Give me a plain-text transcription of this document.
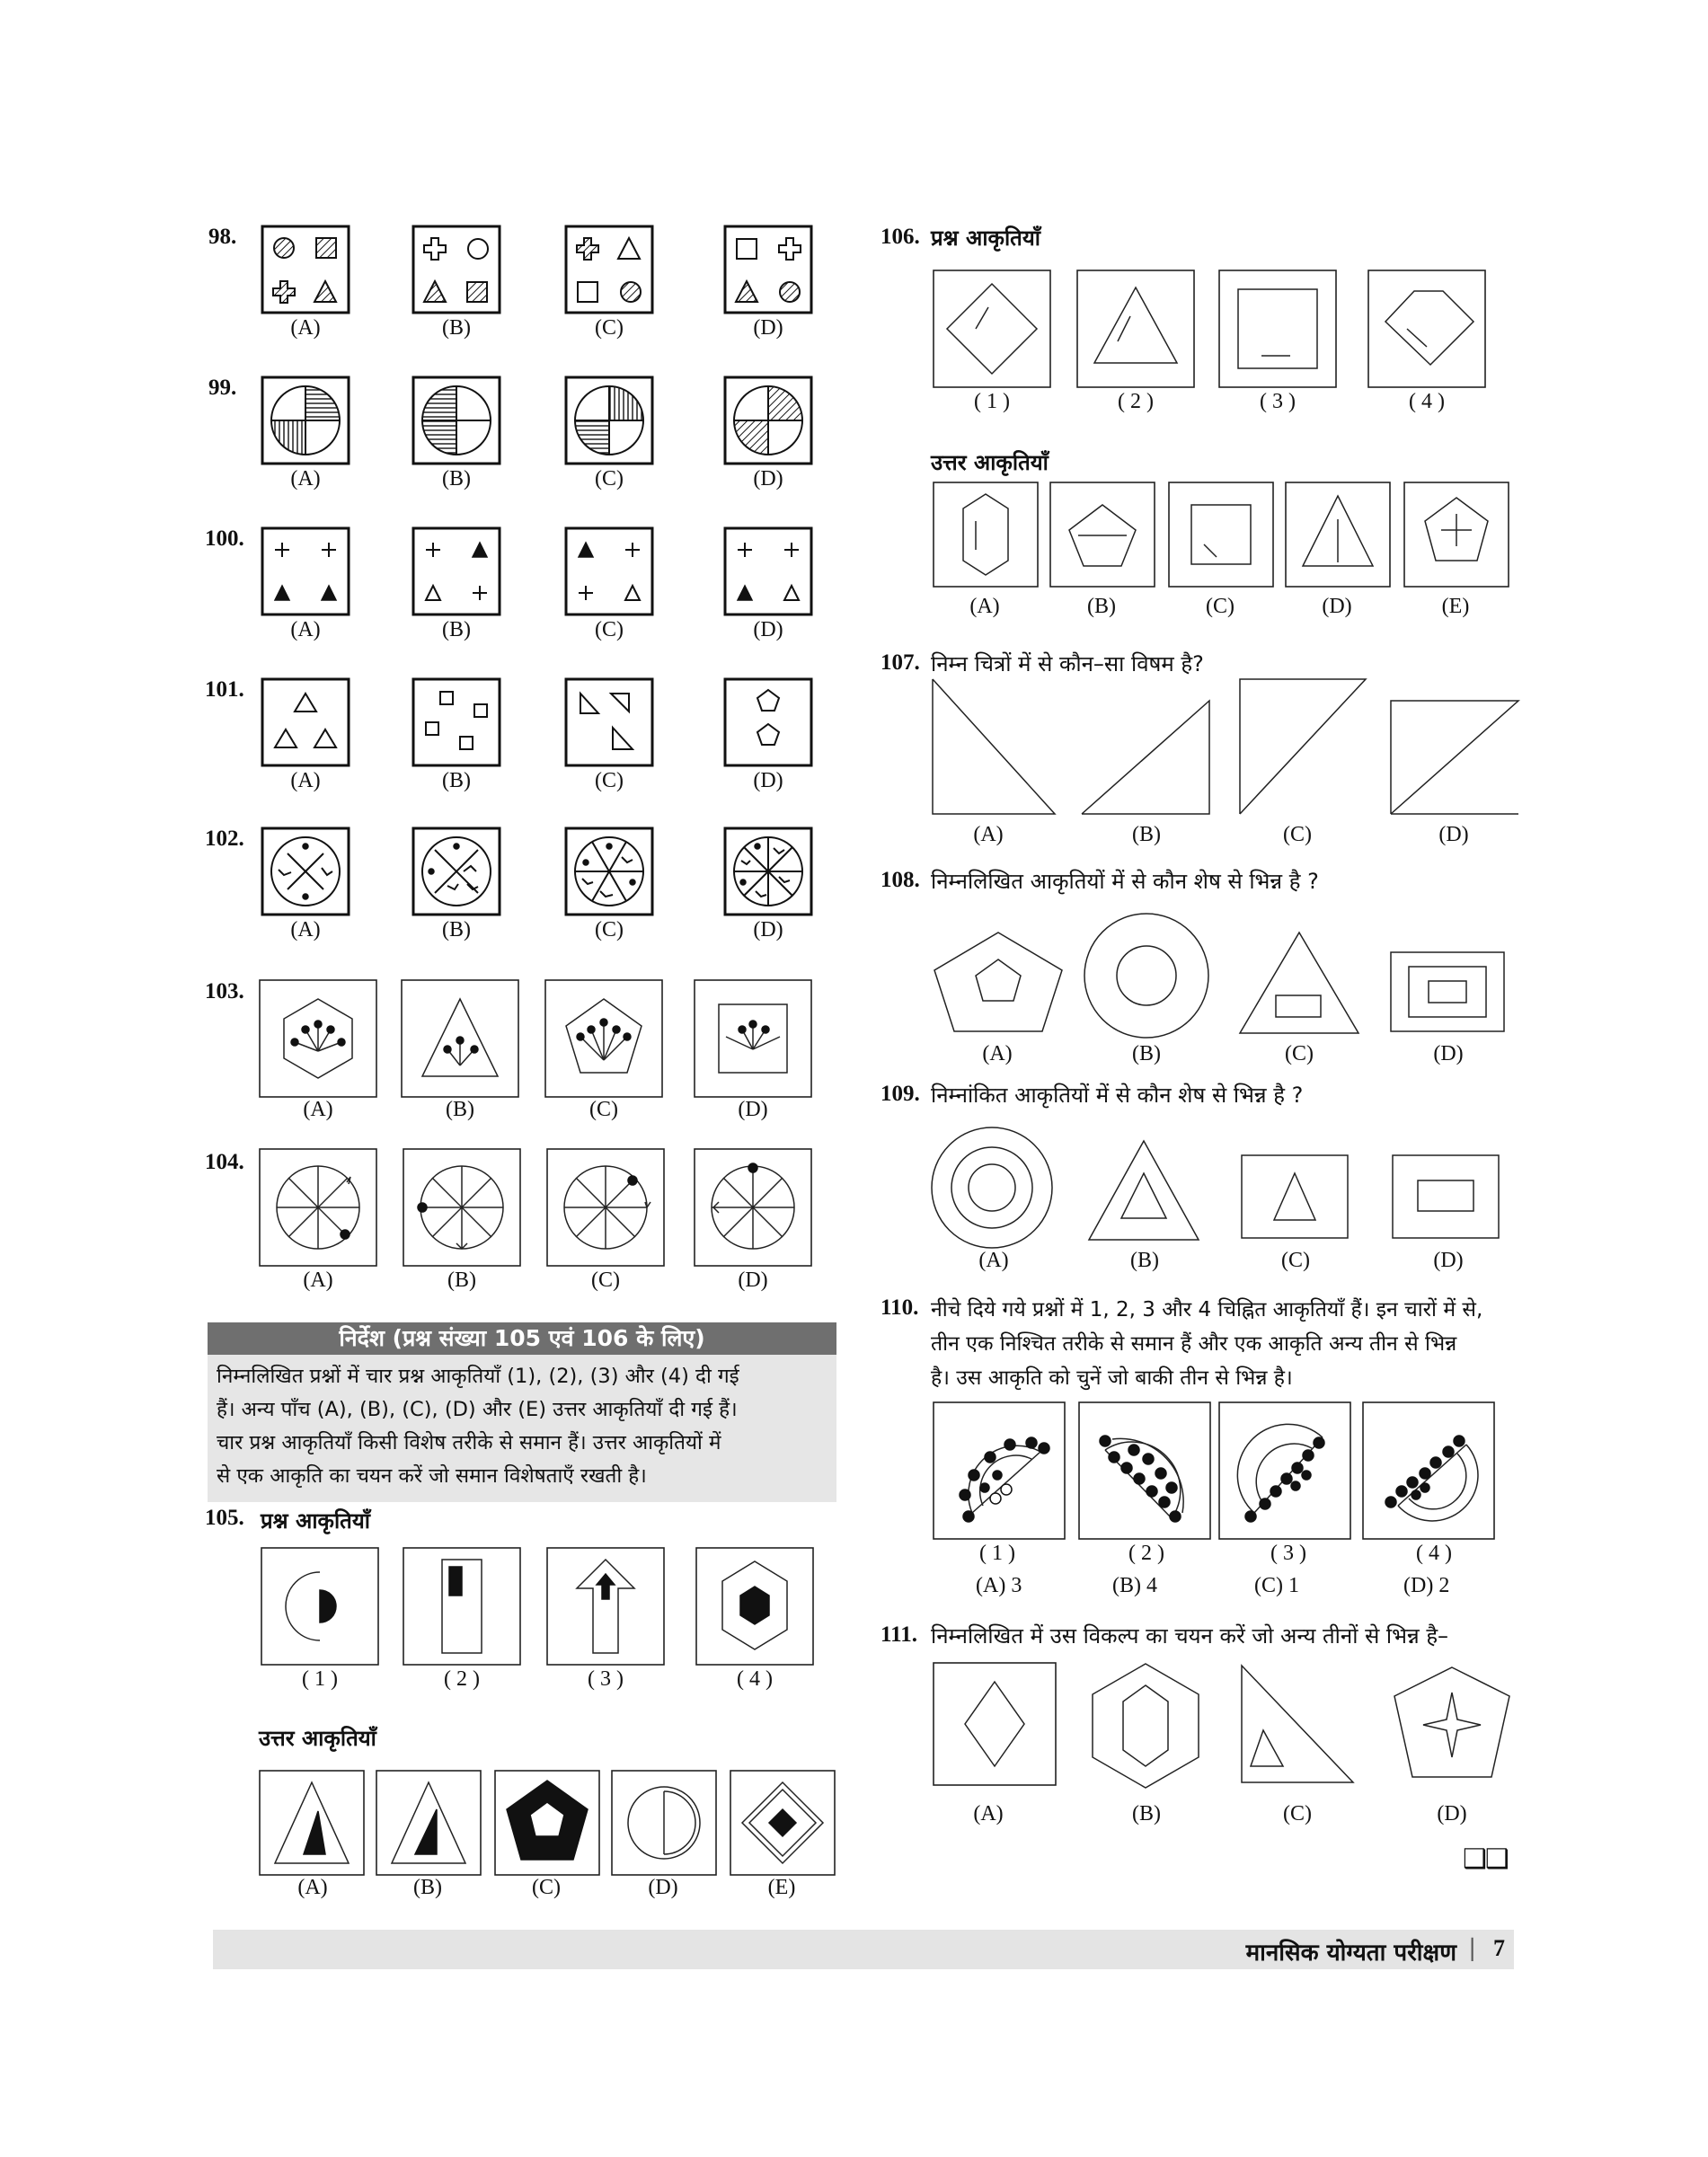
98.
(A)	(B)	(C)	(D)
99.
(A)	(B)	(C)	(D)
100.
(A)	(B)	(C)	(D)
101.
(A)	(B)	(C)	(D)
102.
(A)	(B)	(C)	(D)
103.
(A)	(B)	(C)	(D)
104.
(A)	(B)	(C)	(D)
निर्देश (प्रश्न संख्या 105 एवं 106 के लिए)
निम्नलिखित प्रश्नों में चार प्रश्न आकृतियाँ (1), (2), (3) और (4) दी गई
हैं। अन्य पाँच (A), (B), (C), (D) और (E) उत्तर आकृतियाँ दी गई हैं।
चार प्रश्न आकृतियाँ किसी विशेष तरीके से समान हैं। उत्तर आकृतियों में
से एक आकृति का चयन करें जो समान विशेषताएँ रखती है।
105. प्रश्न आकृतियाँ
( 1 )	( 2 )	( 3 )	( 4 )
उत्तर आकृतियाँ
(A)	(B)	(C)	(D)	(E)
106. प्रश्न आकृतियाँ
( 1 )	( 2 )	( 3 )	( 4 )
उत्तर आकृतियाँ
(A)	(B)	(C)	(D)	(E)
107. निम्न चित्रों में से कौन–सा विषम है?
(A)	(B)	(C)	(D)
108. निम्नलिखित आकृतियों में से कौन शेष से भिन्न है ?
(A)	(B)	(C)	(D)
109. निम्नांकित आकृतियों में से कौन शेष से भिन्न है ?
(A)	(B)	(C)	(D)
110. नीचे दिये गये प्रश्नों में 1, 2, 3 और 4 चिह्नित आकृतियाँ हैं। इन चारों में से,
तीन एक निश्चित तरीके से समान हैं और एक आकृति अन्य तीन से भिन्न
है। उस आकृति को चुनें जो बाकी तीन से भिन्न है।
( 1 )	( 2 )	( 3 )	( 4 )
(A) 3	(B) 4	(C) 1	(D) 2
111. निम्नलिखित में उस विकल्प का चयन करें जो अन्य तीनों से भिन्न है–
(A)	(B)	(C)	(D)
❑❑
मानसिक योग्यता परीक्षण | 7
